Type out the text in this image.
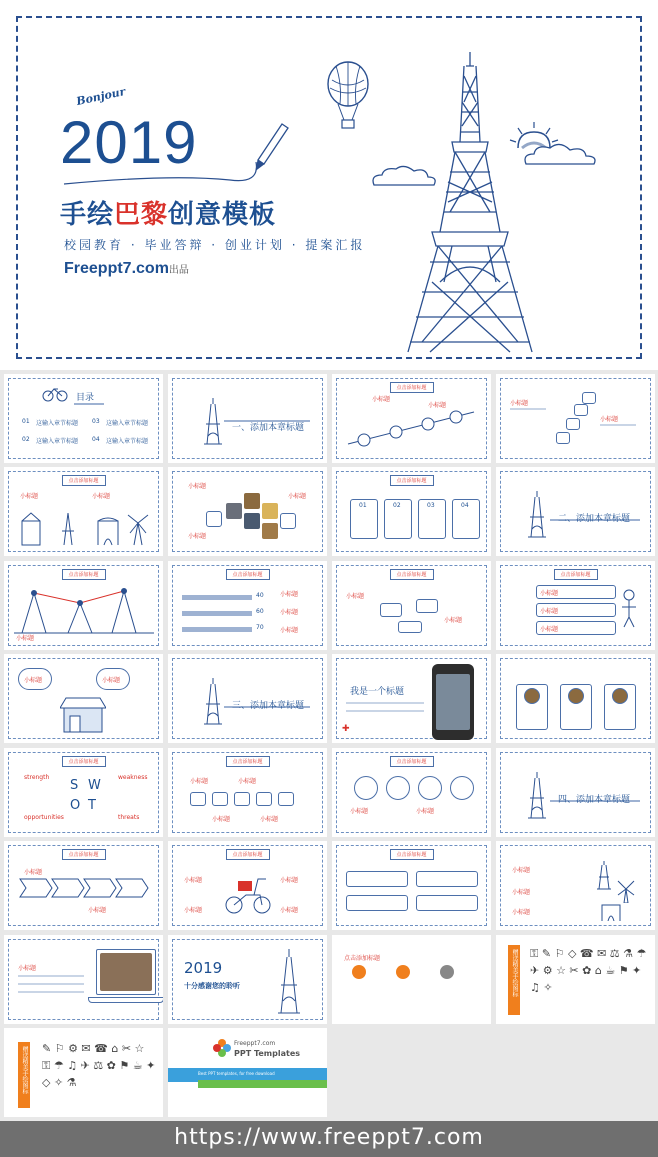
Bonjour
2019
手绘巴黎创意模板
校园教育 · 毕业答辩 · 创业计划 · 提案汇报
Freeppt7.com出品
目录
01 这输入章节标题 03 这输入章节标题
02 这输入章节标题 04 这输入章节标题
一、添加本章标题
点击添加标题
小标题
小标题	小标题
小标题
点击添加标题
小标题	小标题
小标题
小标题
小标题
点击添加标题
01	02	03	04
二、添加本章标题
点击添加标题
小标题
点击添加标题
40
60
70
小标题
小标题
小标题
点击添加标题
小标题
小标题
点击添加标题
小标题
小标题
小标题
小标题	小标题
三、添加本章标题
我是一个标题
✚
点击添加标题
strength	weakness
opportunities	threats
S W
O T
点击添加标题
小标题	小标题
小标题	小标题
点击添加标题
小标题	小标题
四、添加本章标题
点击添加标题
小标题
小标题
点击添加标题
小标题	小标题
小标题	小标题
点击添加标题
小标题
小标题
小标题
小标题	2019
十分感谢您的聆听
点击添加标题	赠送精美手绘图标 ⚿ ✎ ⚐ ◇ ☎ ✉ ⚖ ⚗ ☂ ✈ ⚙ ☆ ✂ ✿ ⌂ ☕ ⚑ ✦ ♫ ✧
赠送精美手绘图标 ✎ ⚐ ⚙ ✉ ☎ ⌂ ✂ ☆ ⚿ ☂ ♫ ✈ ⚖ ✿ ⚑ ☕ ✦ ◇ ✧ ⚗
Freeppt7.com
PPT Templates
Best PPT templates, for free download
https://www.freeppt7.com
